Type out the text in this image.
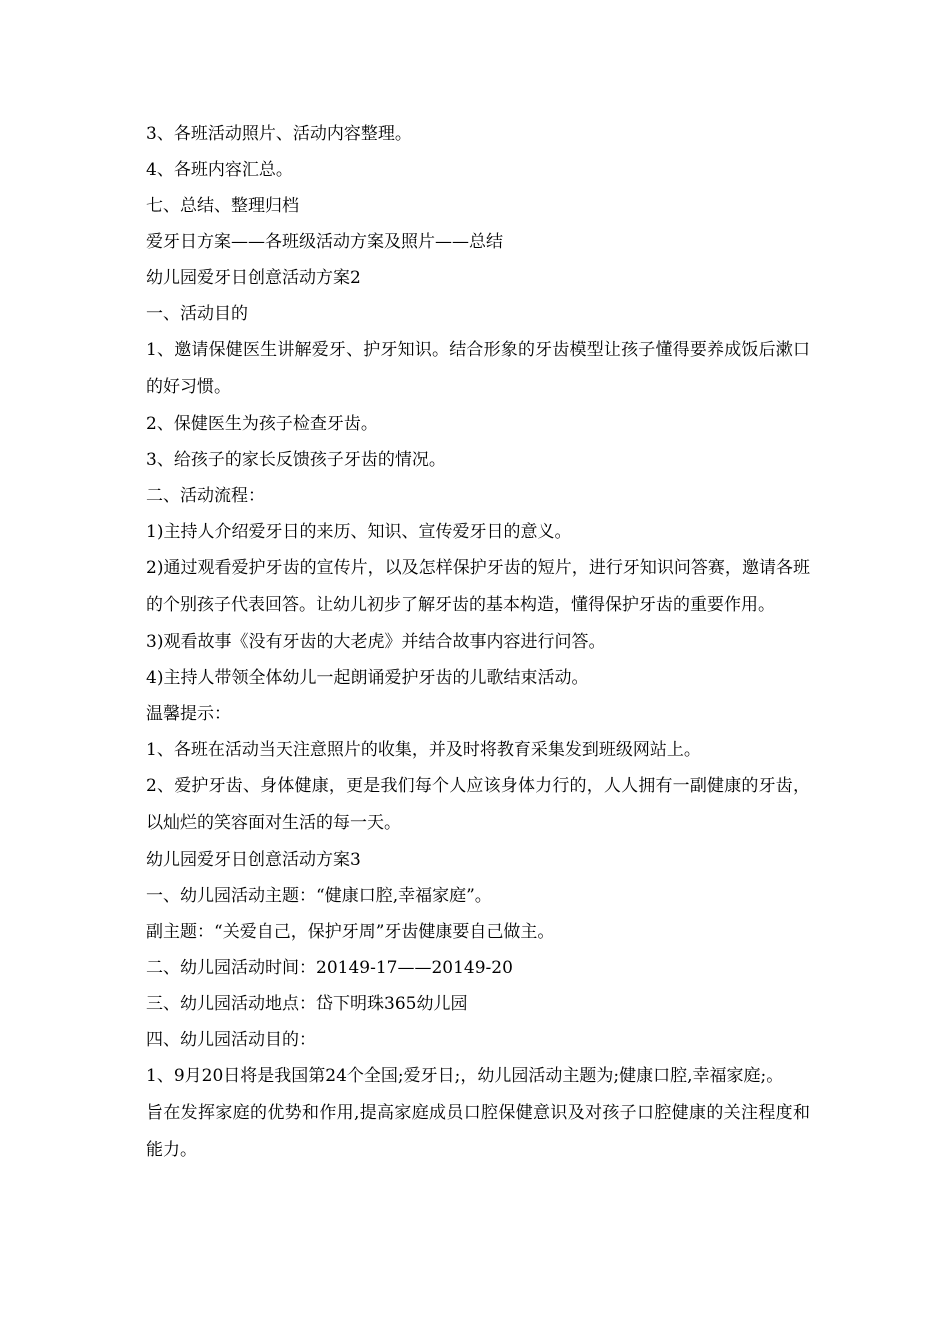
3、各班活动照片、活动内容整理。

4、各班内容汇总。

七、总结、整理归档

爱牙日方案——各班级活动方案及照片——总结

幼儿园爱牙日创意活动方案2

一、活动目的

1、邀请保健医生讲解爱牙、护牙知识。结合形象的牙齿模型让孩子懂得要养成饭后漱口的好习惯。

2、保健医生为孩子检查牙齿。

3、给孩子的家长反馈孩子牙齿的情况。

二、活动流程：

1)主持人介绍爱牙日的来历、知识、宣传爱牙日的意义。

2)通过观看爱护牙齿的宣传片，以及怎样保护牙齿的短片，进行牙知识问答赛，邀请各班的个别孩子代表回答。让幼儿初步了解牙齿的基本构造，懂得保护牙齿的重要作用。

3)观看故事《没有牙齿的大老虎》并结合故事内容进行问答。

4)主持人带领全体幼儿一起朗诵爱护牙齿的儿歌结束活动。

温馨提示：

1、各班在活动当天注意照片的收集，并及时将教育采集发到班级网站上。

2、爱护牙齿、身体健康，更是我们每个人应该身体力行的，人人拥有一副健康的牙齿，以灿烂的笑容面对生活的每一天。

幼儿园爱牙日创意活动方案3

一、幼儿园活动主题：“健康口腔,幸福家庭”。

副主题：“关爱自己，保护牙周”牙齿健康要自己做主。

二、幼儿园活动时间：20149-17——20149-20

三、幼儿园活动地点：岱下明珠365幼儿园

四、幼儿园活动目的：

1、9月20日将是我国第24个全国;爱牙日;，幼儿园活动主题为;健康口腔,幸福家庭;。

旨在发挥家庭的优势和作用,提高家庭成员口腔保健意识及对孩子口腔健康的关注程度和能力。
